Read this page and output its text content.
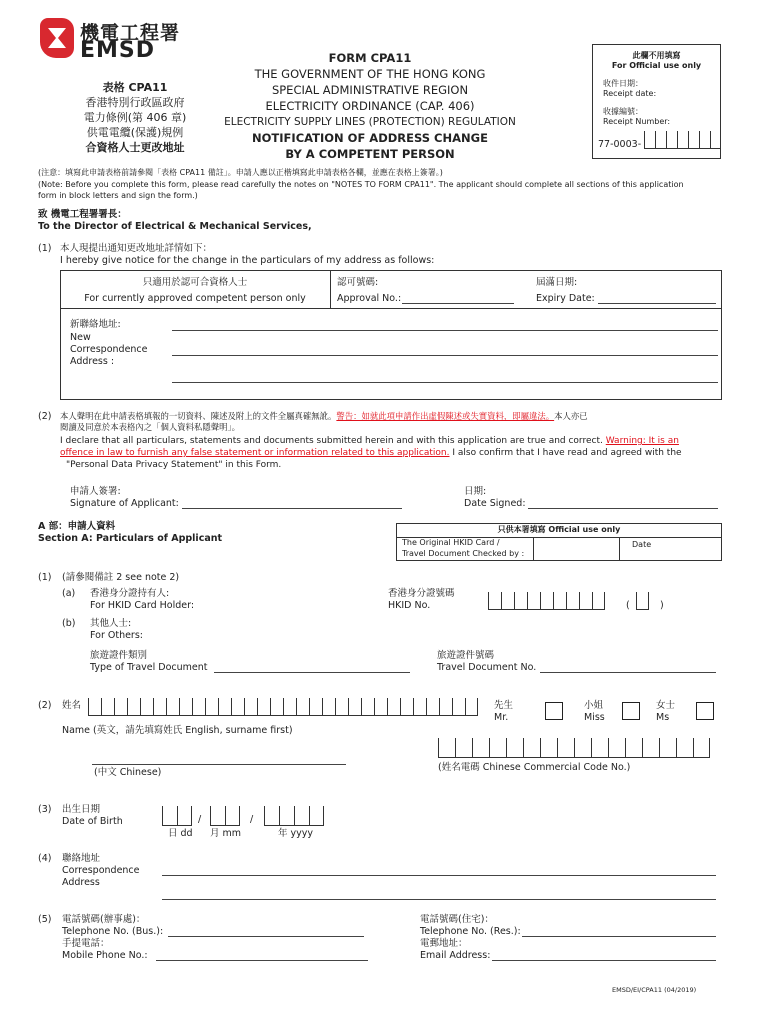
機電工程署
EMSD
表格 CPA11
香港特別行政區政府
電力條例(第 406 章)
供電電纜(保護)規例
合資格人士更改地址
FORM CPA11
THE GOVERNMENT OF THE HONG KONG
SPECIAL ADMINISTRATIVE REGION
ELECTRICITY ORDINANCE (CAP. 406)
ELECTRICITY SUPPLY LINES (PROTECTION) REGULATION
NOTIFICATION OF ADDRESS CHANGE
BY A COMPETENT PERSON
此欄不用填寫
For Official use only
收件日期：
Receipt date:
收據編號：
Receipt Number:
77-0003-
(注意：填寫此申請表格前請參閱「表格 CPA11 備註」。申請人應以正楷填寫此申請表格各欄，並應在表格上簽署。)
(Note: Before you complete this form, please read carefully the notes on "NOTES TO FORM CPA11". The applicant should complete all sections of this application
form in block letters and sign the form.)
致 機電工程署署長：
To the Director of Electrical & Mechanical Services,
(1) 本人現提出通知更改地址詳情如下：
I hereby give notice for the change in the particulars of my address as follows:
只適用於認可合資格人士
For currently approved competent person only
認可號碼:
Approval No.:
屆滿日期:
Expiry Date:
新聯絡地址:
New
Correspondence
Address :
(2) 本人聲明在此申請表格填報的一切資料、陳述及附上的文件全屬真確無訛。警告：如就此項申請作出虛假陳述或失實資料，即屬違法。本人亦已
閱讀及同意於本表格內之「個人資料私隱聲明」。
I declare that all particulars, statements and documents submitted herein and with this application are true and correct. Warning: It is an
offence in law to furnish any false statement or information related to this application. I also confirm that I have read and agreed with the
"Personal Data Privacy Statement" in this Form.
申請人簽署:
Signature of Applicant:
日期:
Date Signed:
A 部：申請人資料
Section A: Particulars of Applicant
只供本署填寫 Official use only
The Original HKID Card /
Travel Document Checked by :
Date
(1) (請參閱備註 2 see note 2)
(a) 香港身分證持有人:
For HKID Card Holder:
香港身分證號碼
HKID No.	(	)
(b) 其他人士:
For Others:
旅遊證件類別
Type of Travel Document
旅遊證件號碼
Travel Document No.
(2) 姓名	先生
Mr.
小姐
Miss
女士
Ms
Name (英文，請先填寫姓氏 English, surname first)
(中文 Chinese)	(姓名電碼 Chinese Commercial Code No.)
(3) 出生日期
Date of Birth	/	/
日 dd 月 mm	年 yyyy
(4) 聯絡地址
Correspondence
Address
(5) 電話號碼(辦事處)：
Telephone No. (Bus.):
手提電話：
Mobile Phone No.:
電話號碼(住宅)：
Telephone No. (Res.):
電郵地址：
Email Address:
EMSD/EI/CPA11 (04/2019)
